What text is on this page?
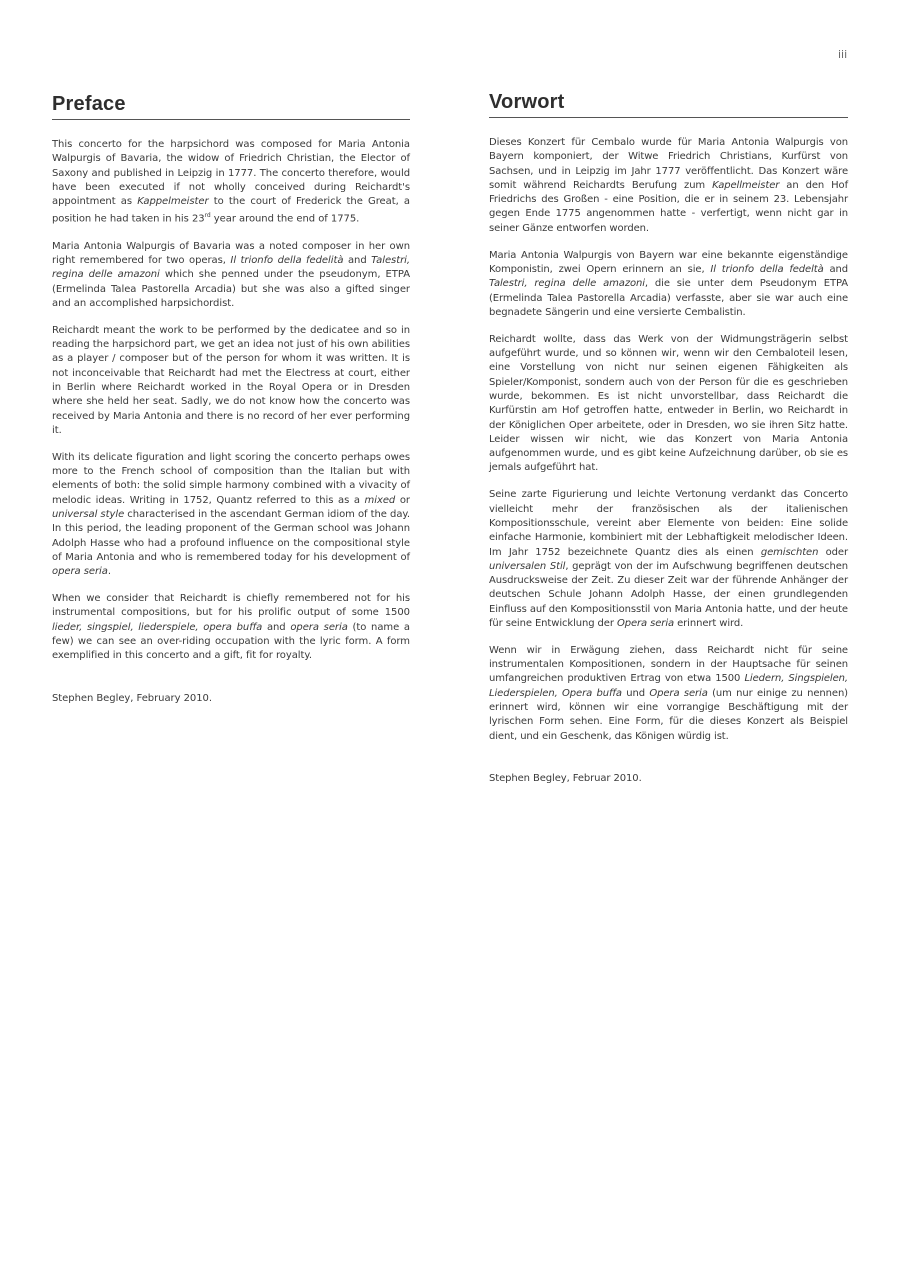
iii
Preface

This concerto for the harpsichord was composed for Maria Antonia Walpurgis of Bavaria, the widow of Friedrich Christian, the Elector of Saxony and published in Leipzig in 1777. The concerto therefore, would have been executed if not wholly conceived during Reichardt's appointment as Kappelmeister to the court of Frederick the Great, a position he had taken in his 23rd year around the end of 1775.

Maria Antonia Walpurgis of Bavaria was a noted composer in her own right remembered for two operas, Il trionfo della fedelità and Talestri, regina delle amazoni which she penned under the pseudonym, ETPA (Ermelinda Talea Pastorella Arcadia) but she was also a gifted singer and an accomplished harpsichordist.

Reichardt meant the work to be performed by the dedicatee and so in reading the harpsichord part, we get an idea not just of his own abilities as a player / composer but of the person for whom it was written. It is not inconceivable that Reichardt had met the Electress at court, either in Berlin where Reichardt worked in the Royal Opera or in Dresden where she held her seat. Sadly, we do not know how the concerto was received by Maria Antonia and there is no record of her ever performing it.

With its delicate figuration and light scoring the concerto perhaps owes more to the French school of composition than the Italian but with elements of both: the solid simple harmony combined with a vivacity of melodic ideas. Writing in 1752, Quantz referred to this as a mixed or universal style characterised in the ascendant German idiom of the day. In this period, the leading proponent of the German school was Johann Adolph Hasse who had a profound influence on the compositional style of Maria Antonia and who is remembered today for his development of opera seria.

When we consider that Reichardt is chiefly remembered not for his instrumental compositions, but for his prolific output of some 1500 lieder, singspiel, liederspiele, opera buffa and opera seria (to name a few) we can see an over-riding occupation with the lyric form. A form exemplified in this concerto and a gift, fit for royalty.

Stephen Begley, February 2010.

Vorwort

Dieses Konzert für Cembalo wurde für Maria Antonia Walpurgis von Bayern komponiert, der Witwe Friedrich Christians, Kurfürst von Sachsen, und in Leipzig im Jahr 1777 veröffentlicht. Das Konzert wäre somit während Reichardts Berufung zum Kapellmeister an den Hof Friedrichs des Großen - eine Position, die er in seinem 23. Lebensjahr gegen Ende 1775 angenommen hatte - verfertigt, wenn nicht gar in seiner Gänze entworfen worden.

Maria Antonia Walpurgis von Bayern war eine bekannte eigenständige Komponistin, zwei Opern erinnern an sie, Il trionfo della fedeltà and Talestri, regina delle amazoni, die sie unter dem Pseudonym ETPA (Ermelinda Talea Pastorella Arcadia) verfasste, aber sie war auch eine begnadete Sängerin und eine versierte Cembalistin.

Reichardt wollte, dass das Werk von der Widmungsträgerin selbst aufgeführt wurde, und so können wir, wenn wir den Cembaloteil lesen, eine Vorstellung von nicht nur seinen eigenen Fähigkeiten als Spieler/Komponist, sondern auch von der Person für die es geschrieben wurde, bekommen. Es ist nicht unvorstellbar, dass Reichardt die Kurfürstin am Hof getroffen hatte, entweder in Berlin, wo Reichardt in der Königlichen Oper arbeitete, oder in Dresden, wo sie ihren Sitz hatte. Leider wissen wir nicht, wie das Konzert von Maria Antonia aufgenommen wurde, und es gibt keine Aufzeichnung darüber, ob sie es jemals aufgeführt hat.

Seine zarte Figurierung und leichte Vertonung verdankt das Concerto vielleicht mehr der französischen als der italienischen Kompositionsschule, vereint aber Elemente von beiden: Eine solide einfache Harmonie, kombiniert mit der Lebhaftigkeit melodischer Ideen. Im Jahr 1752 bezeichnete Quantz dies als einen gemischten oder universalen Stil, geprägt von der im Aufschwung begriffenen deutschen Ausdrucksweise der Zeit. Zu dieser Zeit war der führende Anhänger der deutschen Schule Johann Adolph Hasse, der einen grundlegenden Einfluss auf den Kompositionsstil von Maria Antonia hatte, und der heute für seine Entwicklung der Opera seria erinnert wird.

Wenn wir in Erwägung ziehen, dass Reichardt nicht für seine instrumentalen Kompositionen, sondern in der Hauptsache für seinen umfangreichen produktiven Ertrag von etwa 1500 Liedern, Singspielen, Liederspielen, Opera buffa und Opera seria (um nur einige zu nennen) erinnert wird, können wir eine vorrangige Beschäftigung mit der lyrischen Form sehen. Eine Form, für die dieses Konzert als Beispiel dient, und ein Geschenk, das Königen würdig ist.

Stephen Begley, Februar 2010.
